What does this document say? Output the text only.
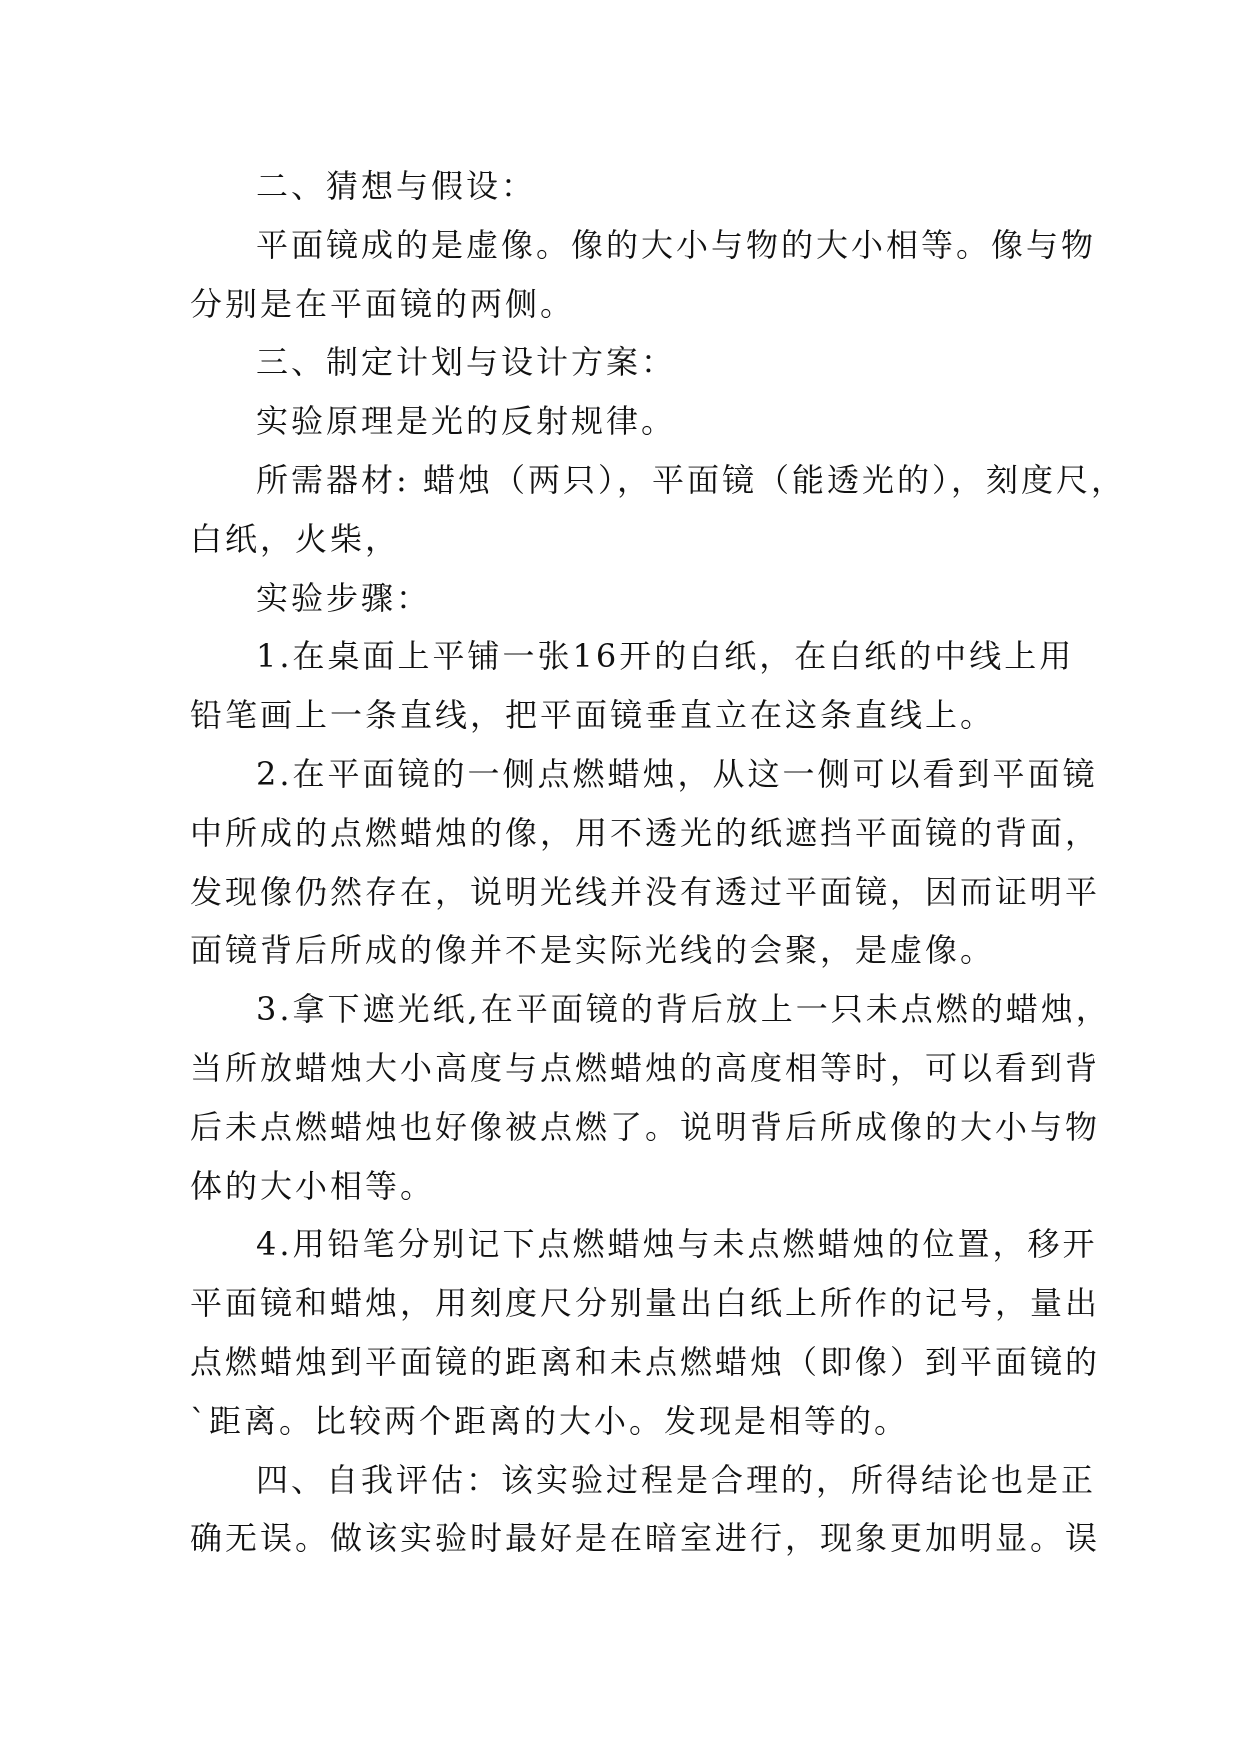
二、猜想与假设：
平面镜成的是虚像。像的大小与物的大小相等。像与物
分别是在平面镜的两侧。
三、制定计划与设计方案：
实验原理是光的反射规律。
所需器材: 蜡烛（两只），平面镜（能透光的），刻度尺，
白纸，火柴，
实验步骤：
1.在桌面上平铺一张16开的白纸，在白纸的中线上用
铅笔画上一条直线，把平面镜垂直立在这条直线上。
2.在平面镜的一侧点燃蜡烛，从这一侧可以看到平面镜
中所成的点燃蜡烛的像，用不透光的纸遮挡平面镜的背面，
发现像仍然存在，说明光线并没有透过平面镜，因而证明平
面镜背后所成的像并不是实际光线的会聚，是虚像。
3.拿下遮光纸,在平面镜的背后放上一只未点燃的蜡烛，
当所放蜡烛大小高度与点燃蜡烛的高度相等时，可以看到背
后未点燃蜡烛也好像被点燃了。说明背后所成像的大小与物
体的大小相等。
4.用铅笔分别记下点燃蜡烛与未点燃蜡烛的位置，移开
平面镜和蜡烛，用刻度尺分别量出白纸上所作的记号，量出
点燃蜡烛到平面镜的距离和未点燃蜡烛（即像）到平面镜的
`距离。比较两个距离的大小。发现是相等的。
四、自我评估：该实验过程是合理的，所得结论也是正
确无误。做该实验时最好是在暗室进行，现象更加明显。误
